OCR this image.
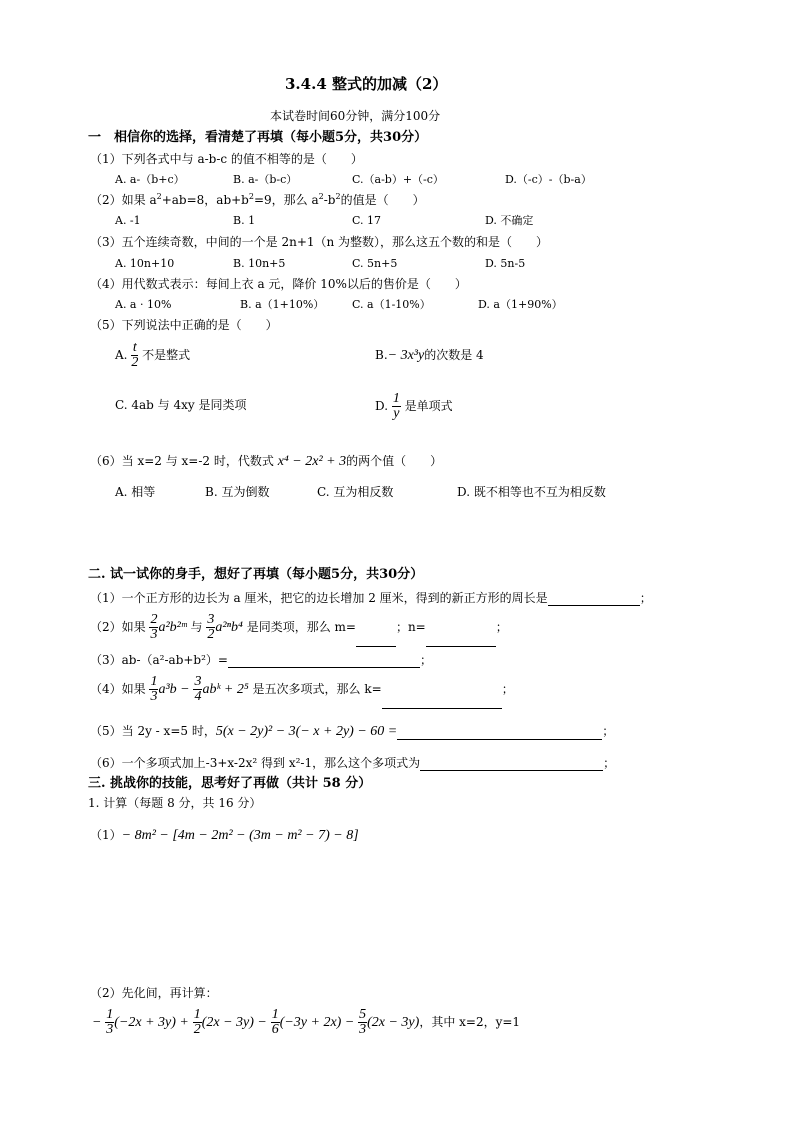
3.4.4 整式的加减（2）
本试卷时间60分钟，满分100分
一　相信你的选择，看清楚了再填（每小题5分，共30分）
（1）下列各式中与 a-b-c 的值不相等的是（　　）
A. a-（b+c）	B. a-（b-c）	C.（a-b）+（-c）	D.（-c）-（b-a）
（2）如果 $a^2+ab=8$，$ab+b^2=9$，那么 $a^2-b^2$的值是（　　）
A. -1	B. 1	C. 17	D. 不确定
（3）五个连续奇数，中间的一个是 2n+1（n 为整数），那么这五个数的和是（　　）
A. 10n+10	B. 10n+5	C. 5n+5	D. 5n-5
（4）用代数式表示：每间上衣 a 元，降价 10%以后的售价是（　　）
A. a · 10%	B. a（1+10%）	C. a（1-10%）	D. a（1+90%）
（5）下列说法中正确的是（　　）
A. $\frac{t}{2}$ 不是整式	B.− 3x³y的次数是 4
C. 4ab 与 4xy 是同类项	D. $\frac{1}{y}$ 是单项式
（6）当 x=2 与 x=-2 时，代数式 x⁴ − 2x² + 3的两个值（　　）
A. 相等	B. 互为倒数	C. 互为相反数	D. 既不相等也不互为相反数
二. 试一试你的身手，想好了再填（每小题5分，共30分）
（1）一个正方形的边长为 a 厘米，把它的边长增加 2 厘米，得到的新正方形的周长是	；
（2）如果 $\frac{2}{3}$ a²b²ᵐ 与 $\frac{3}{2} a^{2n}b^4$ 是同类项，那么 m=	；n=	；
（3）ab-（a²-ab+b²）=	；
（4）如果 $\frac{1}{3} a^3b - \frac{3}{4}$ abᵏ + 2⁵ 是五次多项式，那么 k=	；
（5）当 2y - x=5 时，5(x − 2y)² − 3(− x + 2y) − 60 =	；
（6）一个多项式加上-3+x-2x² 得到 x²-1，那么这个多项式为	；
三. 挑战你的技能，思考好了再做（共计 58 分）
1. 计算（每题 8 分，共 16 分）
（1）− 8m² − [4m − 2m² − (3m − m² − 7) − 8]
（2）先化间，再计算：
− $\frac{1}{3} (-2x + 3y) + \frac{1}{2} (2x - 3y) - \frac{1}{6} (-3y + 2x) - \frac{5}{3} (2x - 3y)$，其中 x=2，y=1
